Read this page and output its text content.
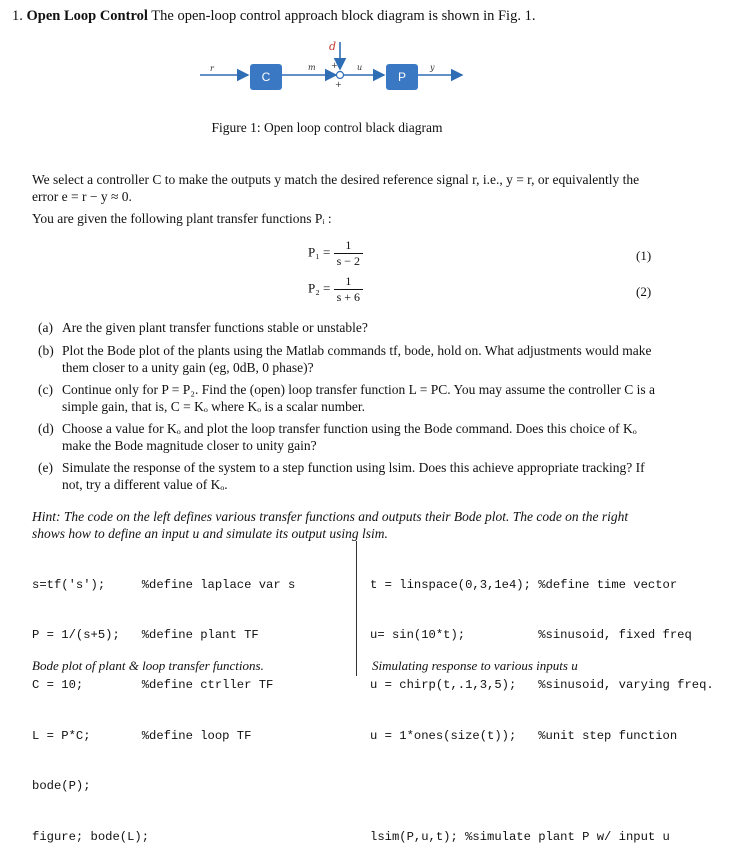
1. Open Loop Control The open-loop control approach block diagram is shown in Fig. 1.
C	P
r	m
d
+
+
u	y
Figure 1: Open loop control black diagram
We select a controller C to make the outputs y match the desired reference signal r, i.e., y = r, or equivalently the error e = r − y ≈ 0.
You are given the following plant transfer functions Pᵢ :
$P_1 = \frac{1}{s - 2}$	(1)
$P_2 = \frac{1}{s + 6}$	(2)
(a) Are the given plant transfer functions stable or unstable?
(b) Plot the Bode plot of the plants using the Matlab commands tf, bode, hold on. What adjustments would make them closer to a unity gain (eg, 0dB, 0 phase)?
(c) Continue only for P = P₂. Find the (open) loop transfer function L = PC. You may assume the controller C is a simple gain, that is, C = Kₒ where Kₒ is a scalar number.
(d) Choose a value for Kₒ and plot the loop transfer function using the Bode command. Does this choice of Kₒ make the Bode magnitude closer to unity gain?
(e) Simulate the response of the system to a step function using lsim. Does this achieve appropriate tracking? If not, try a different value of Kₒ.
Hint: The code on the left defines various transfer functions and outputs their Bode plot. The code on the right shows how to define an input u and simulate its output using lsim.

s=tf('s');     %define laplace var s

P = 1/(s+5);   %define plant TF

C = 10;        %define ctrller TF

L = P*C;       %define loop TF

bode(P);

figure; bode(L);

t = linspace(0,3,1e4); %define time vector

u= sin(10*t);          %sinusoid, fixed freq

u = chirp(t,.1,3,5);   %sinusoid, varying freq.

u = 1*ones(size(t));   %unit step function

lsim(P,u,t); %simulate plant P w/ input u

Bode plot of plant & loop transfer functions.	Simulating response to various inputs u
